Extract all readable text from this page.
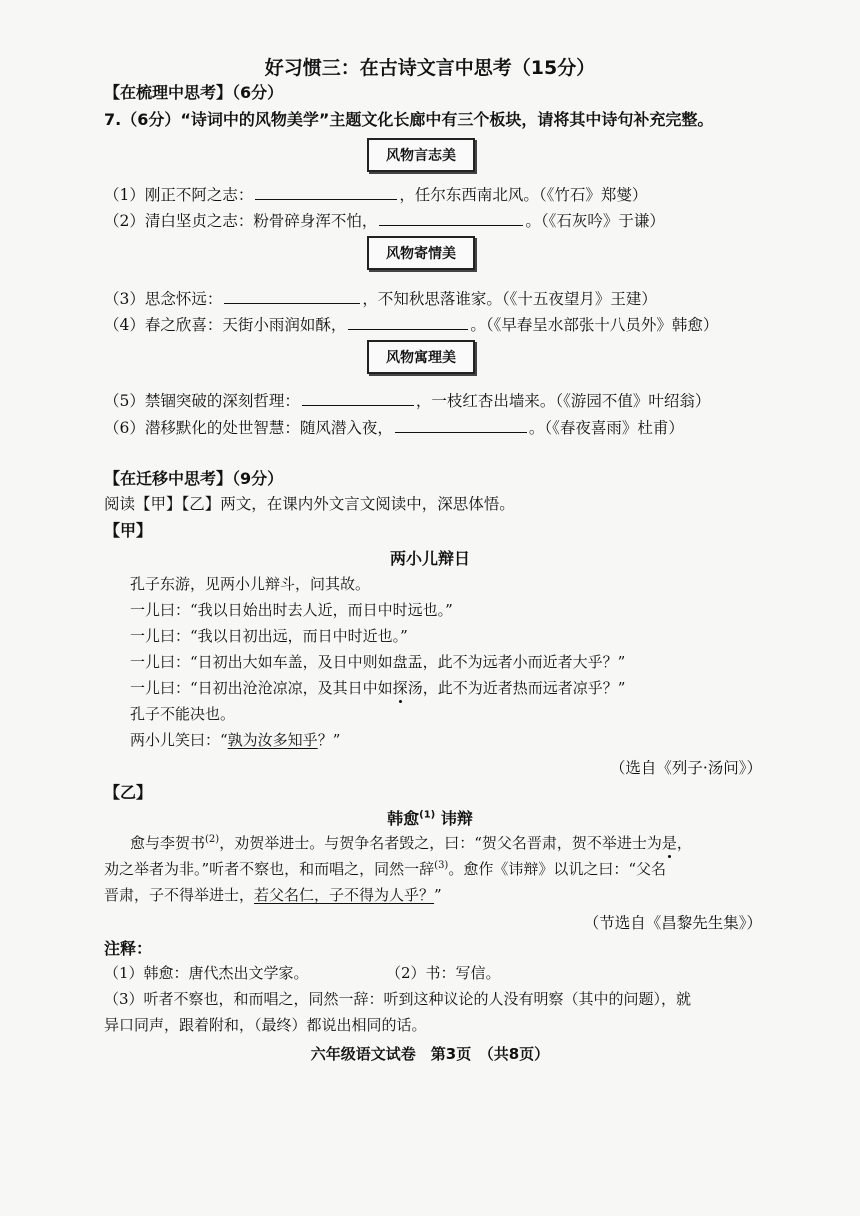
好习惯三：在古诗文言中思考（15分）
【在梳理中思考】（6分）
7.（6分）“诗词中的风物美学”主题文化长廊中有三个板块，请将其中诗句补充完整。
风物言志美
（1）刚正不阿之志：	，任尔东西南北风。（《竹石》郑燮）
（2）清白坚贞之志：粉骨碎身浑不怕，	。（《石灰吟》于谦）
风物寄情美
（3）思念怀远：	，不知秋思落谁家。（《十五夜望月》王建）
（4）春之欣喜：天街小雨润如酥，	。（《早春呈水部张十八员外》韩愈）
风物寓理美
（5）禁锢突破的深刻哲理：	，一枝红杏出墙来。（《游园不值》叶绍翁）
（6）潜移默化的处世智慧：随风潜入夜，	。（《春夜喜雨》杜甫）
【在迁移中思考】（9分）
阅读【甲】【乙】两文，在课内外文言文阅读中，深思体悟。
【甲】
两小儿辩日
孔子东游，见两小儿辩斗，问其故。
一儿曰：“我以日始出时去人近，而日中时远也。”
一儿曰：“我以日初出远，而日中时近也。”
一儿曰：“日初出大如车盖，及日中则如盘盂，此不为远者小而近者大乎？”
一儿曰：“日初出沧沧凉凉，及其日中如探汤，此不为近者热而远者凉乎？”
孔子不能决也。
两小儿笑曰：“孰为汝多知乎？”
（选自《列子·汤问》）
【乙】
韩愈$^{(1)}$ 讳辩
愈与李贺书$^{(2)}$，劝贺举进士。与贺争名者毁之，曰：“贺父名晋肃，贺不举进士为是，
劝之举者为非。”听者不察也，和而唱之，同然一辞$^{(3)}$。愈作《讳辩》以讥之曰：“父名
晋肃，子不得举进士，若父名仁，子不得为人乎？”
（节选自《昌黎先生集》）
注释：
（1）韩愈：唐代杰出文学家。	（2）书：写信。
（3）听者不察也，和而唱之，同然一辞：听到这种议论的人没有明察（其中的问题），就
异口同声，跟着附和，（最终）都说出相同的话。
六年级语文试卷　第3页　（共8页）
